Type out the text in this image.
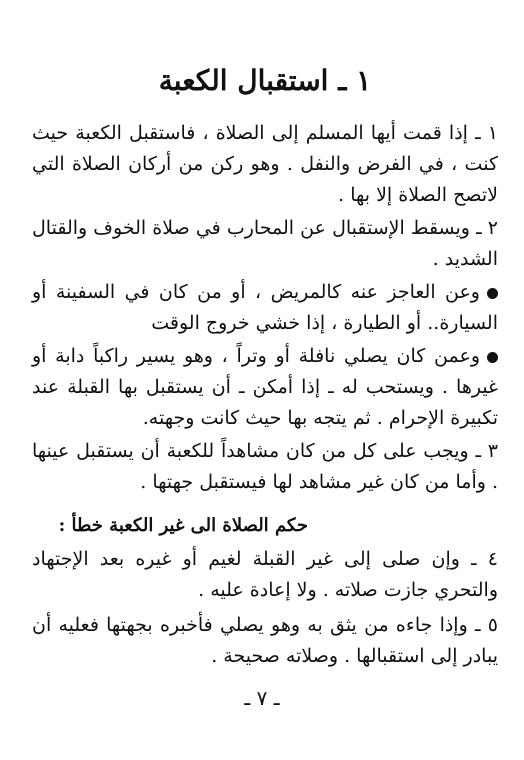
١ ـ استقبال الكعبة

١ ـ إذا قمت أيها المسلم إلى الصلاة ، فاستقبل الكعبة حيث كنت ، في الفرض والنفل . وهو ركن من أركان الصلاة التي لاتصح الصلاة إلا بها .

٢ ـ ويسقط الإستقبال عن المحارب في صلاة الخوف والقتال الشديد .

وعن العاجز عنه كالمريض ، أو من كان في السفينة أو السيارة.. أو الطيارة ، إذا خشي خروج الوقت

وعمن كان يصلي نافلة أو وتراً ، وهو يسير راكباً دابة أو غيرها . ويستحب له ـ إذا أمكن ـ أن يستقبل بها القبلة عند تكبيرة الإحرام . ثم يتجه بها حيث كانت وجهته.

٣ ـ ويجب على كل من كان مشاهداً للكعبة أن يستقبل عينها . وأما من كان غير مشاهد لها فيستقبل جهتها .

حكم الصلاة الى غير الكعبة خطأ :

٤ ـ وإن صلى إلى غير القبلة لغيم أو غيره بعد الإجتهاد والتحري جازت صلاته . ولا إعادة عليه .

٥ ـ وإذا جاءه من يثق به وهو يصلي فأخبره بجهتها فعليه أن يبادر إلى استقبالها . وصلاته صحيحة .

ـ ٧ ـ
